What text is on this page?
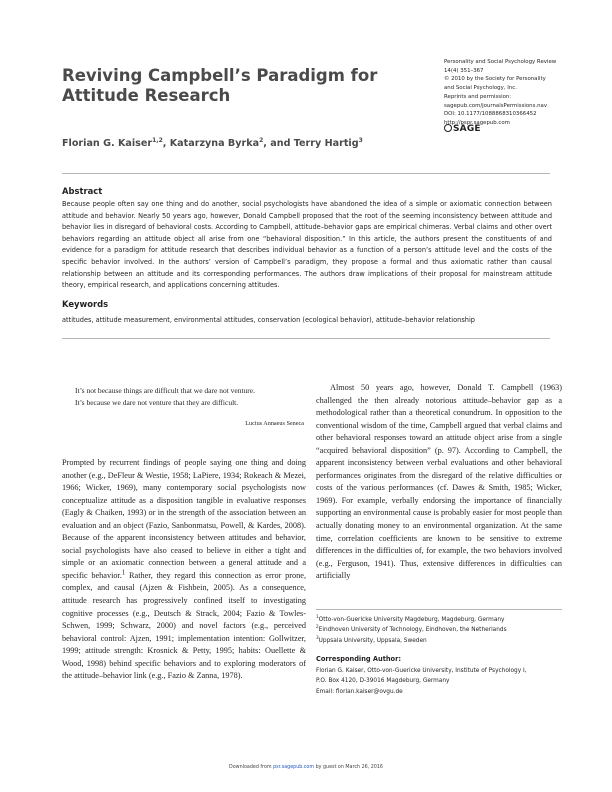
Reviving Campbell’s Paradigm for Attitude Research
Personality and Social Psychology Review
14(4) 351–367
© 2010 by the Society for Personality
and Social Psychology, Inc.
Reprints and permission:
sagepub.com/journalsPermissions.nav
DOI: 10.1177/1088868310366452
http://pspr.sagepub.com
SAGE
Florian G. Kaiser$^{1,2}$, Katarzyna Byrka$^2$, and Terry Hartig$^3$
Abstract
Because people often say one thing and do another, social psychologists have abandoned the idea of a simple or axiomatic connection between attitude and behavior. Nearly 50 years ago, however, Donald Campbell proposed that the root of the seeming inconsistency between attitude and behavior lies in disregard of behavioral costs. According to Campbell, attitude–behavior gaps are empirical chimeras. Verbal claims and other overt behaviors regarding an attitude object all arise from one “behavioral disposition.” In this article, the authors present the constituents of and evidence for a paradigm for attitude research that describes individual behavior as a function of a person’s attitude level and the costs of the specific behavior involved. In the authors’ version of Campbell’s paradigm, they propose a formal and thus axiomatic rather than causal relationship between an attitude and its corresponding performances. The authors draw implications of their proposal for mainstream attitude theory, empirical research, and applications concerning attitudes.
Keywords
attitudes, attitude measurement, environmental attitudes, conservation (ecological behavior), attitude–behavior relationship
It’s not because things are difficult that we dare not venture.
It’s because we dare not venture that they are difficult.
Lucius Annaeus Seneca

Prompted by recurrent findings of people saying one thing and doing another (e.g., DeFleur & Westie, 1958; LaPiere, 1934; Rokeach & Mezei, 1966; Wicker, 1969), many contemporary social psychologists now conceptualize attitude as a disposition tangible in evaluative responses (Eagly & Chaiken, 1993) or in the strength of the association between an evaluation and an object (Fazio, Sanbonmatsu, Powell, & Kardes, 2008). Because of the apparent inconsistency between attitudes and behavior, social psychologists have also ceased to believe in either a tight and simple or an axiomatic connection between a general attitude and a specific behavior.$^1$ Rather, they regard this connection as error prone, complex, and causal (Ajzen & Fishbein, 2005). As a consequence, attitude research has progressively confined itself to investigating cognitive processes (e.g., Deutsch & Strack, 2004; Fazio & Towles-Schwen, 1999; Schwarz, 2000) and novel factors (e.g., perceived behavioral control: Ajzen, 1991; implementation intention: Gollwitzer, 1999; attitude strength: Krosnick & Petty, 1995; habits: Ouellette & Wood, 1998) behind specific behaviors and to exploring moderators of the attitude–behavior link (e.g., Fazio & Zanna, 1978).

Almost 50 years ago, however, Donald T. Campbell (1963) challenged the then already notorious attitude–behavior gap as a methodological rather than a theoretical conundrum. In opposition to the conventional wisdom of the time, Campbell argued that verbal claims and other behavioral responses toward an attitude object arise from a single “acquired behavioral disposition” (p. 97). According to Campbell, the apparent inconsistency between verbal evaluations and other behavioral performances originates from the disregard of the relative difficulties or costs of the various performances (cf. Dawes & Smith, 1985; Wicker, 1969). For example, verbally endorsing the importance of financially supporting an environmental cause is probably easier for most people than actually donating money to an environmental organization. At the same time, correlation coefficients are known to be sensitive to extreme differences in the difficulties of, for example, the two behaviors involved (e.g., Ferguson, 1941). Thus, extensive differences in difficulties can artificially

$^1$Otto-von-Guericke University Magdeburg, Magdeburg, Germany
$^2$Eindhoven University of Technology, Eindhoven, the Netherlands
$^3$Uppsala University, Uppsala, Sweden
Corresponding Author:
Florian G. Kaiser, Otto-von-Guericke University, Institute of Psychology I,
P.O. Box 4120, D-39016 Magdeburg, Germany
Email: florian.kaiser@ovgu.de
Downloaded from psr.sagepub.com by guest on March 26, 2016
